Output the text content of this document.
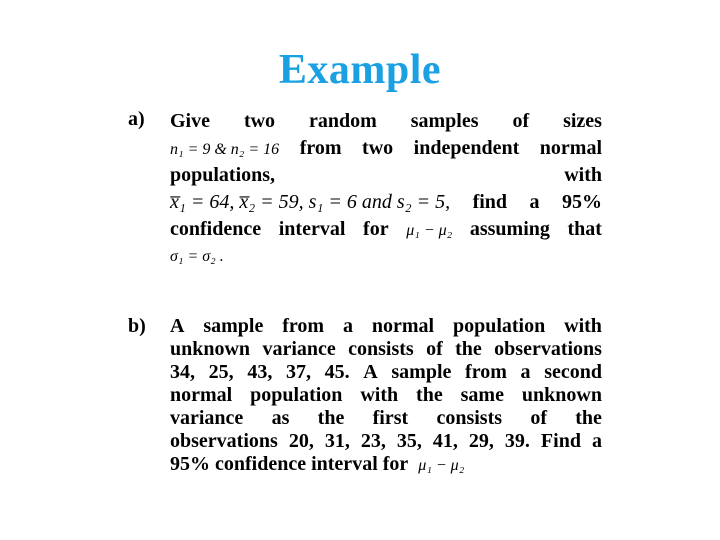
Example
a) Give two random samples of sizes
n₁ = 9 & n₂ = 16 from two independent normal
populations,	with
x̅₁ = 64, x̅₂ = 59, s₁ = 6 and s₂ = 5, find a 95%
confidence interval for μ₁ − μ₂ assuming that
σ₁ = σ₂ .
b) A sample from a normal population with
unknown variance consists of the observations
34, 25, 43, 37, 45. A sample from a second
normal population with the same unknown
variance as the first consists of the
observations 20, 31, 23, 35, 41, 29, 39. Find a
95% confidence interval for μ₁ − μ₂
